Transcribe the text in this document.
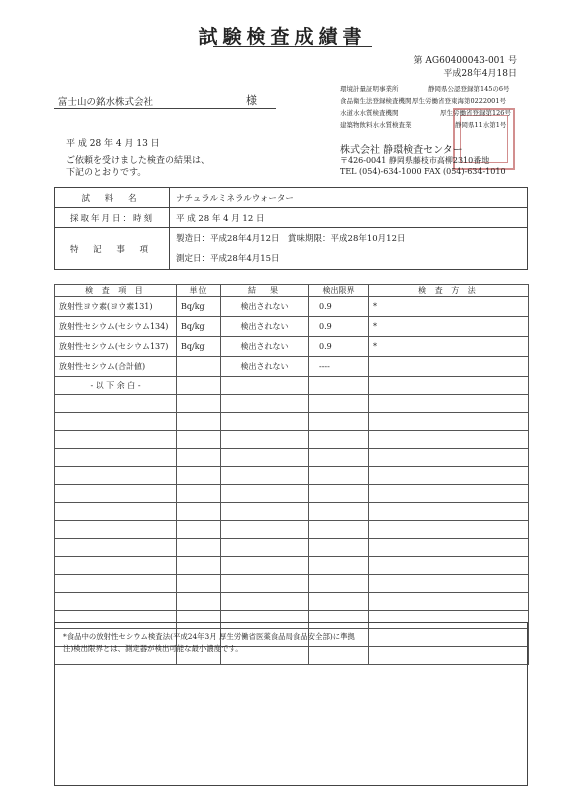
試験検査成績書
第 AG60400043-001 号
平成28年4月18日
富士山の銘水株式会社	様
環境計量証明事業所	静岡県公認登録第145の6号
食品衛生法登録検査機関 厚生労働省登東海第0222001号
水道水水質検査機関	厚生労働省登録第126号
建築物飲料水水質検査業	静岡県11水第1号
平 成 28 年 4 月 13 日
ご依頼を受けました検査の結果は、
下記のとおりです。
株式会社 静環検査センター
〒426-0041 静岡県藤枝市高柳2310番地
TEL (054)-634-1000 FAX (054)-634-1010
試 料 名	ナチュラルミネラルウォーター
採取年月日：時刻	平 成 28 年 4 月 12 日
特 記 事 項	製造日：平成28年4月12日　賞味期限：平成28年10月12日
測定日：平成28年4月15日
検 査 項 目	単位	結　果	検出限界	検 査 方 法
放射性ヨウ素(ヨウ素131)	Bq/kg	検出されない	0.9	*
放射性セシウム(セシウム134)	Bq/kg	検出されない	0.9	*
放射性セシウム(セシウム137)	Bq/kg	検出されない	0.9	*
放射性セシウム(合計値)		検出されない	----	
- 以 下 余 白 -				

*食品中の放射性セシウム検査法(平成24年3月 厚生労働省医薬食品局食品安全部)に準拠
注)検出限界とは、測定器が検出可能な最小濃度です。
